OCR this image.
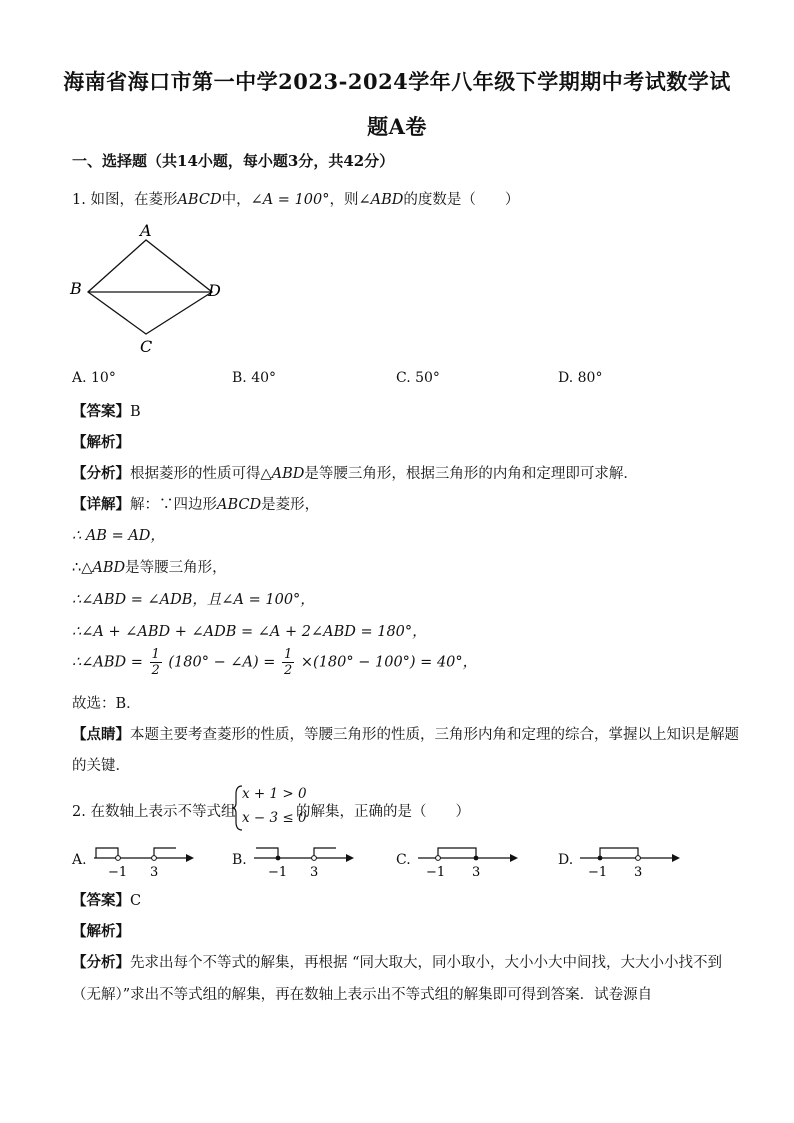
海南省海口市第一中学2023-2024学年八年级下学期期中考试数学试
题A卷
一、选择题（共14小题，每小题3分，共42分）
1. 如图，在菱形ABCD中，∠A = 100°，则∠ABD的度数是（　　）
A
B
C
D
A. 10°	B. 40°	C. 50°	D. 80°
【答案】B
【解析】
【分析】根据菱形的性质可得△ABD是等腰三角形，根据三角形的内角和定理即可求解．
【详解】解：∵四边形ABCD是菱形，
∴ AB = AD，
∴△ABD是等腰三角形，
∴∠ABD = ∠ADB，且∠A = 100°，
∴∠A + ∠ABD + ∠ADB = ∠A + 2∠ABD = 180°，
∴∠ABD = $\frac{1}{2} (180^\circ$ − ∠A) = $\frac{1}{2} \times(180^\circ - 100^\circ) = 40^\circ$，
故选：B．
【点睛】本题主要考查菱形的性质，等腰三角形的性质，三角形内角和定理的综合，掌握以上知识是解题
的关键．
2. 在数轴上表示不等式组
x + 1 > 0
x − 3 ≤ 0
的解集，正确的是（　　）
A.
−1 3
B.
−1 3
C.
−1 3
D.
−1 3
【答案】C
【解析】
【分析】先求出每个不等式的解集，再根据 “同大取大，同小取小，大小小大中间找，大大小小找不到
（无解）”求出不等式组的解集，再在数轴上表示出不等式组的解集即可得到答案．试卷源自
